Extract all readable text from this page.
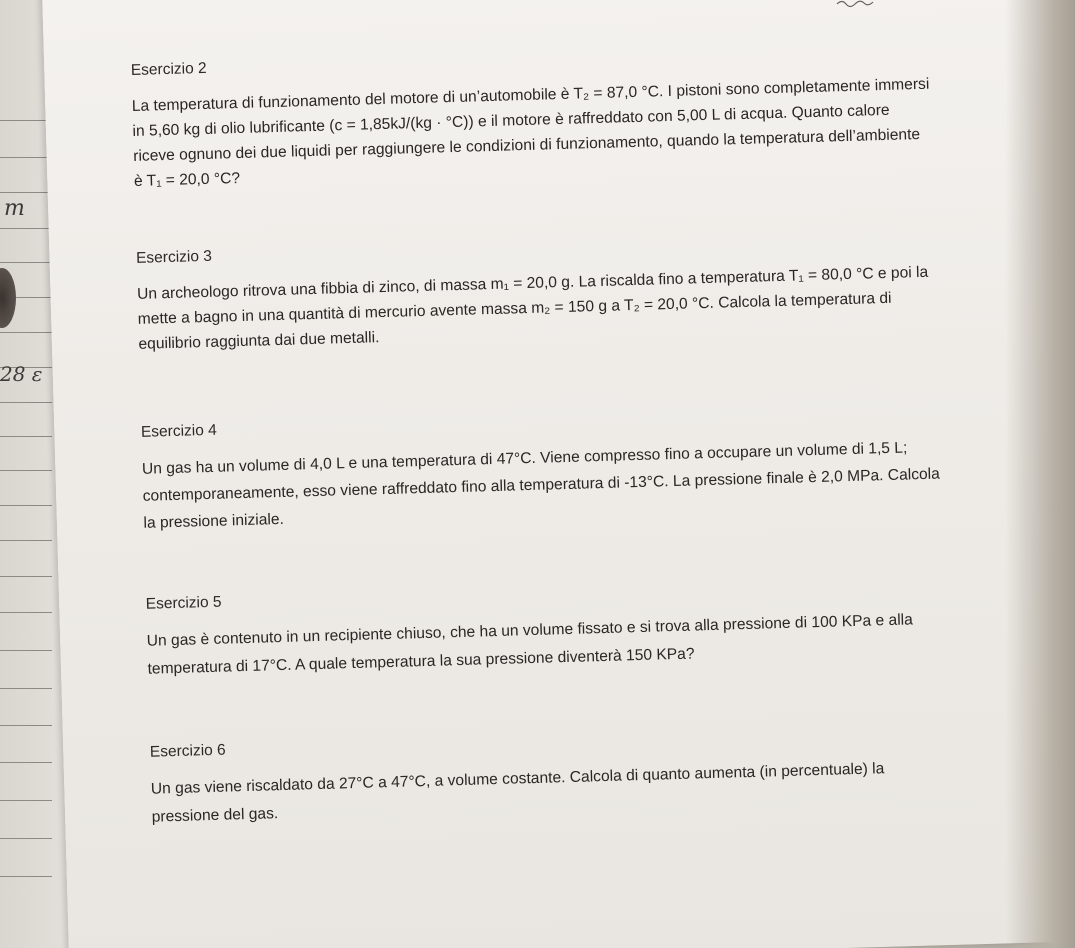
m
28 ε

Esercizio 2

La temperatura di funzionamento del motore di un’automobile è T₂ = 87,0 °C. I pistoni sono completamente immersi in 5,60 kg di olio lubrificante (c = 1,85kJ/(kg · °C)) e il motore è raffreddato con 5,00 L di acqua. Quanto calore riceve ognuno dei due liquidi per raggiungere le condizioni di funzionamento, quando la temperatura dell’ambiente è T₁ = 20,0 °C?

Esercizio 3

Un archeologo ritrova una fibbia di zinco, di massa m₁ = 20,0 g. La riscalda fino a temperatura T₁ = 80,0 °C e poi la mette a bagno in una quantità di mercurio avente massa m₂ = 150 g a T₂ = 20,0 °C. Calcola la temperatura di equilibrio raggiunta dai due metalli.

Esercizio 4

Un gas ha un volume di 4,0 L e una temperatura di 47°C. Viene compresso fino a occupare un volume di 1,5 L; contemporaneamente, esso viene raffreddato fino alla temperatura di -13°C. La pressione finale è 2,0 MPa. Calcola la pressione iniziale.

Esercizio 5

Un gas è contenuto in un recipiente chiuso, che ha un volume fissato e si trova alla pressione di 100 KPa e alla temperatura di 17°C. A quale temperatura la sua pressione diventerà 150 KPa?

Esercizio 6

Un gas viene riscaldato da 27°C a 47°C, a volume costante. Calcola di quanto aumenta (in percentuale) la pressione del gas.
